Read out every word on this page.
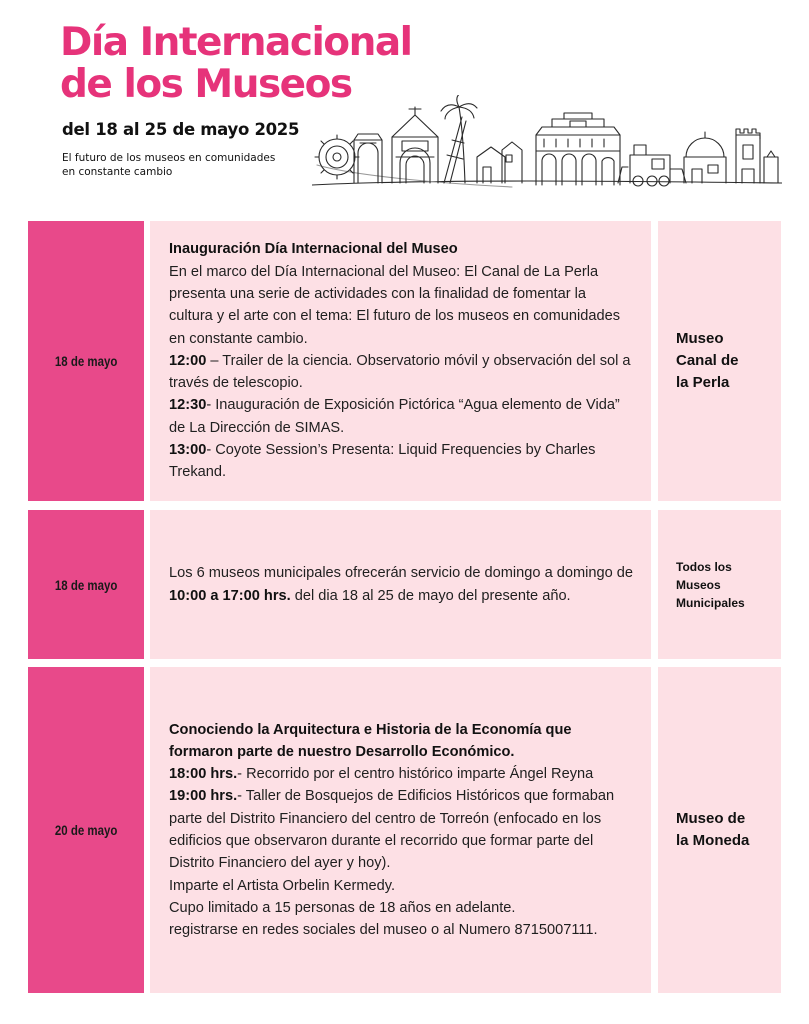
Día Internacional
de los Museos

del 18 al 25 de mayo 2025

El futuro de los museos en comunidades
en constante cambio

18 de mayo

Inauguración Día Internacional del Museo
En el marco del Día Internacional del Museo: El Canal de La Perla presenta una serie de actividades con la finalidad de fomentar la cultura y el arte con el tema: El futuro de los museos en comunidades en constante cambio.
12:00 – Trailer de la ciencia. Observatorio móvil y observación del sol a través de telescopio.
12:30- Inauguración de Exposición Pictórica “Agua elemento de Vida” de La Dirección de SIMAS.
13:00- Coyote Session’s Presenta: Liquid Frequencies by Charles Trekand.

Museo
Canal de
la Perla
18 de mayo

Los 6 museos municipales ofrecerán servicio de domingo a domingo de 10:00 a 17:00 hrs. del dia 18 al 25 de mayo del presente año.

Todos los
Museos
Municipales
20 de mayo

Conociendo la Arquitectura e Historia de la Economía que formaron parte de nuestro Desarrollo Económico.
18:00 hrs.- Recorrido por el centro histórico imparte Ángel Reyna
19:00 hrs.- Taller de Bosquejos de Edificios Históricos que formaban parte del Distrito Financiero del centro de Torreón (enfocado en los edificios que observaron durante el recorrido que formar parte del Distrito Financiero del ayer y hoy).
Imparte el Artista Orbelin Kermedy.
Cupo limitado a 15 personas de 18 años en adelante.
registrarse en redes sociales del museo o al Numero 8715007111.

Museo de
la Moneda
